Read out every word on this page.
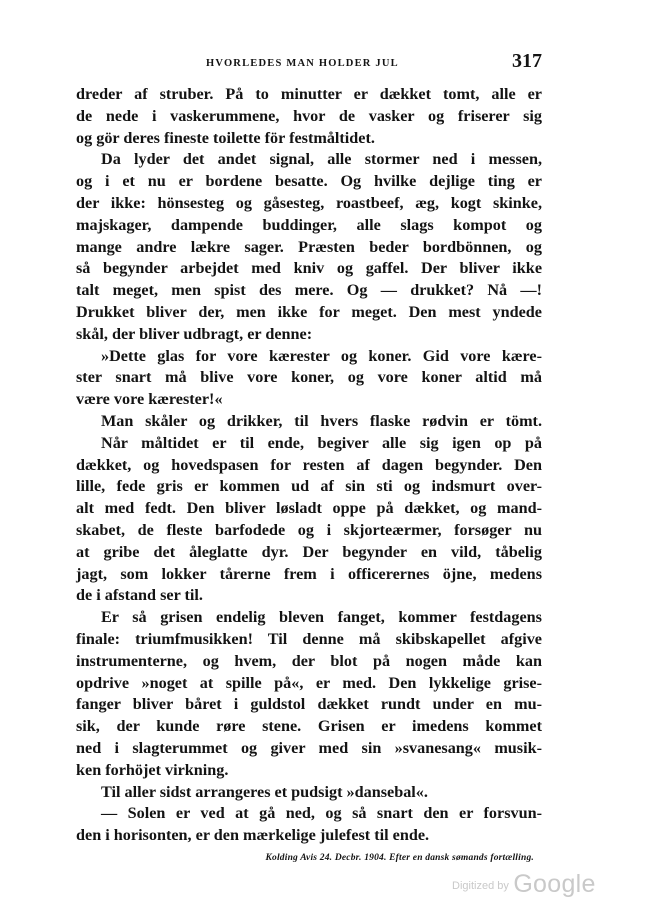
HVORLEDES MAN HOLDER JUL	317
dreder af struber. På to minutter er dækket tomt, alle er
de nede i vaskerummene, hvor de vasker og friserer sig
og gör deres fineste toilette för festmåltidet.
Da lyder det andet signal, alle stormer ned i messen,
og i et nu er bordene besatte. Og hvilke dejlige ting er
der ikke: hönsesteg og gåsesteg, roastbeef, æg, kogt skinke,
majskager, dampende buddinger, alle slags kompot og
mange andre lækre sager. Præsten beder bordbönnen, og
så begynder arbejdet med kniv og gaffel. Der bliver ikke
talt meget, men spist des mere. Og — drukket? Nå —!
Drukket bliver der, men ikke for meget. Den mest yndede
skål, der bliver udbragt, er denne:
»Dette glas for vore kærester og koner. Gid vore kære-
ster snart må blive vore koner, og vore koner altid må
være vore kærester!«
Man skåler og drikker, til hvers flaske rødvin er tömt.
Når måltidet er til ende, begiver alle sig igen op på
dækket, og hovedspasen for resten af dagen begynder. Den
lille, fede gris er kommen ud af sin sti og indsmurt over-
alt med fedt. Den bliver løsladt oppe på dækket, og mand-
skabet, de fleste barfodede og i skjorteærmer, forsøger nu
at gribe det åleglatte dyr. Der begynder en vild, tåbelig
jagt, som lokker tårerne frem i officerernes öjne, medens
de i afstand ser til.
Er så grisen endelig bleven fanget, kommer festdagens
finale: triumfmusikken! Til denne må skibskapellet afgive
instrumenterne, og hvem, der blot på nogen måde kan
opdrive »noget at spille på«, er med. Den lykkelige grise-
fanger bliver båret i guldstol dækket rundt under en mu-
sik, der kunde røre stene. Grisen er imedens kommet
ned i slagterummet og giver med sin »svanesang« musik-
ken forhöjet virkning.
Til aller sidst arrangeres et pudsigt »dansebal«.
— Solen er ved at gå ned, og så snart den er forsvun-
den i horisonten, er den mærkelige julefest til ende.
Kolding Avis 24. Decbr. 1904. Efter en dansk sømands fortælling.
Digitized by Google
